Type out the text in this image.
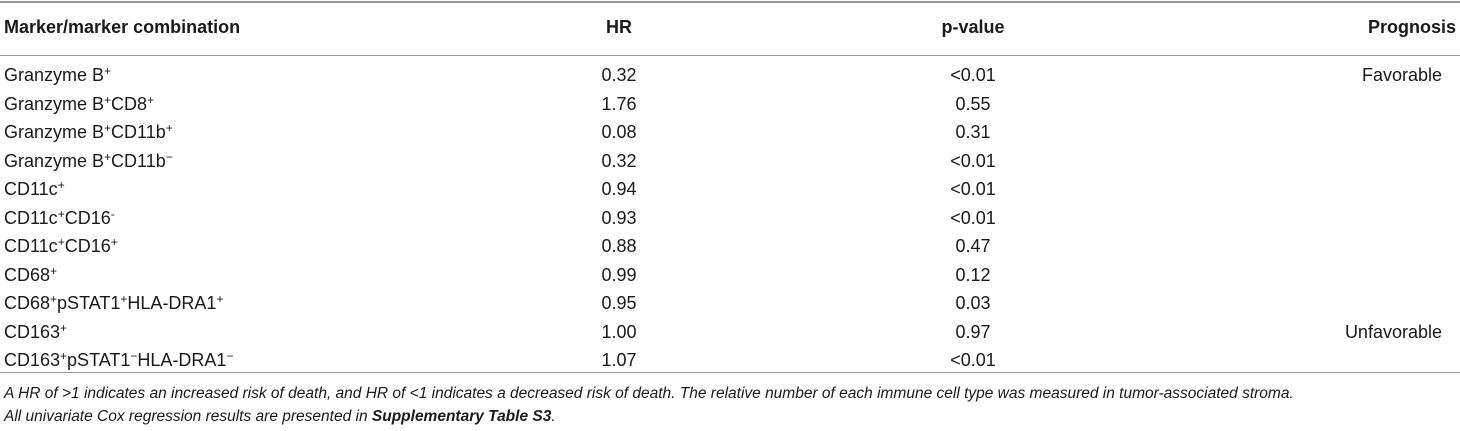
Marker/marker combination	HR	p-value	Prognosis
Granzyme B+	0.32	<0.01	Favorable
Granzyme B+CD8+	1.76	0.55
Granzyme B+CD11b+	0.08	0.31
Granzyme B+CD11b−	0.32	<0.01
CD11c+	0.94	<0.01
CD11c+CD16-	0.93	<0.01
CD11c+CD16+	0.88	0.47
CD68+	0.99	0.12
CD68+pSTAT1+HLA-DRA1+	0.95	0.03
CD163+	1.00	0.97	Unfavorable
CD163+pSTAT1−HLA-DRA1−	1.07	<0.01
A HR of >1 indicates an increased risk of death, and HR of <1 indicates a decreased risk of death. The relative number of each immune cell type was measured in tumor-associated stroma.
All univariate Cox regression results are presented in Supplementary Table S3.
